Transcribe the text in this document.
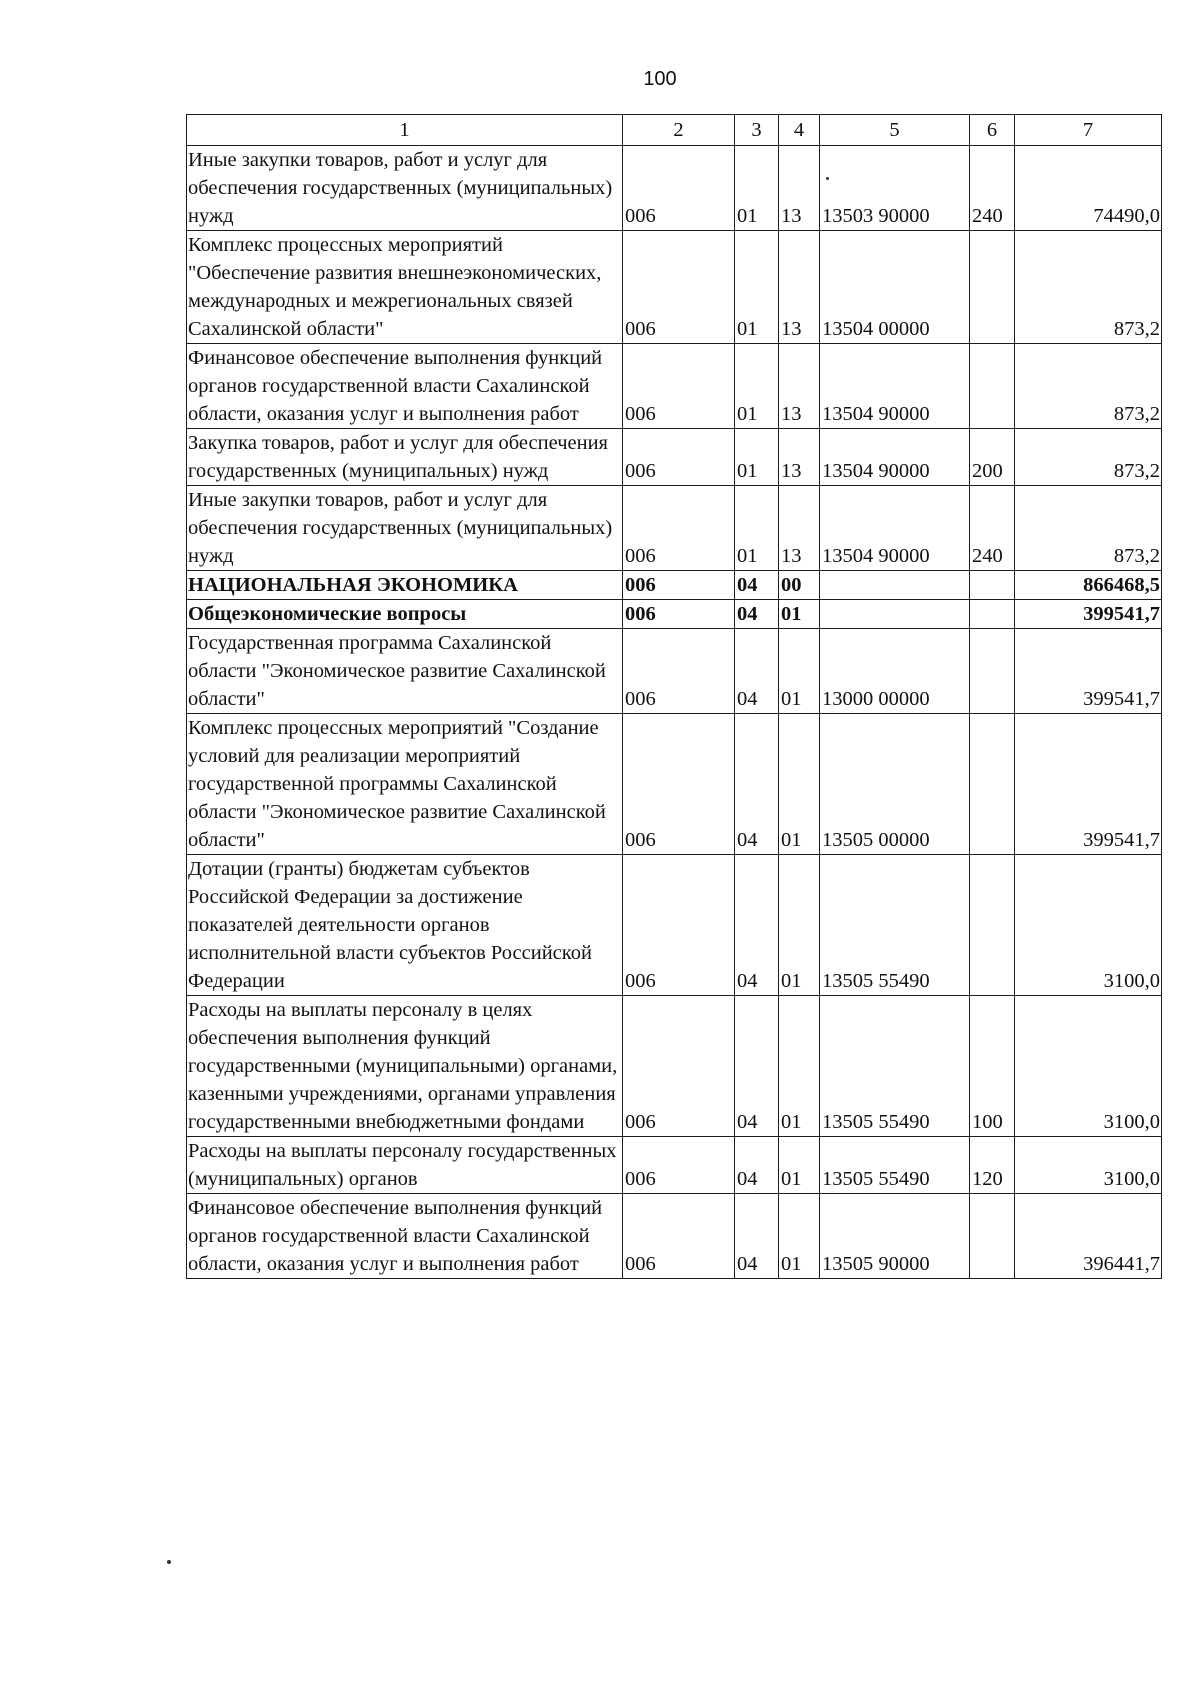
100
1	2	3	4	5	6	7
Иные закупки товаров, работ и услуг для обеспечения государственных (муниципальных) нужд	006	01	13	13503 90000	240	74490,0
Комплекс процессных мероприятий "Обеспечение развития внешнеэкономических, международных и межрегиональных связей Сахалинской области"	006	01	13	13504 00000		873,2
Финансовое обеспечение выполнения функций органов государственной власти Сахалинской области, оказания услуг и выполнения работ	006	01	13	13504 90000		873,2
Закупка товаров, работ и услуг для обеспечения государственных (муниципальных) нужд	006	01	13	13504 90000	200	873,2
Иные закупки товаров, работ и услуг для обеспечения государственных (муниципальных) нужд	006	01	13	13504 90000	240	873,2
НАЦИОНАЛЬНАЯ ЭКОНОМИКА	006	04	00			866468,5
Общеэкономические вопросы	006	04	01			399541,7
Государственная программа Сахалинской области "Экономическое развитие Сахалинской области"	006	04	01	13000 00000		399541,7
Комплекс процессных мероприятий "Создание условий для реализации мероприятий государственной программы Сахалинской области "Экономическое развитие Сахалинской области"	006	04	01	13505 00000		399541,7
Дотации (гранты) бюджетам субъектов Российской Федерации за достижение показателей деятельности органов исполнительной власти субъектов Российской Федерации	006	04	01	13505 55490		3100,0
Расходы на выплаты персоналу в целях обеспечения выполнения функций государственными (муниципальными) органами, казенными учреждениями, органами управления государственными внебюджетными фондами	006	04	01	13505 55490	100	3100,0
Расходы на выплаты персоналу государственных (муниципальных) органов	006	04	01	13505 55490	120	3100,0
Финансовое обеспечение выполнения функций органов государственной власти Сахалинской области, оказания услуг и выполнения работ	006	04	01	13505 90000		396441,7
